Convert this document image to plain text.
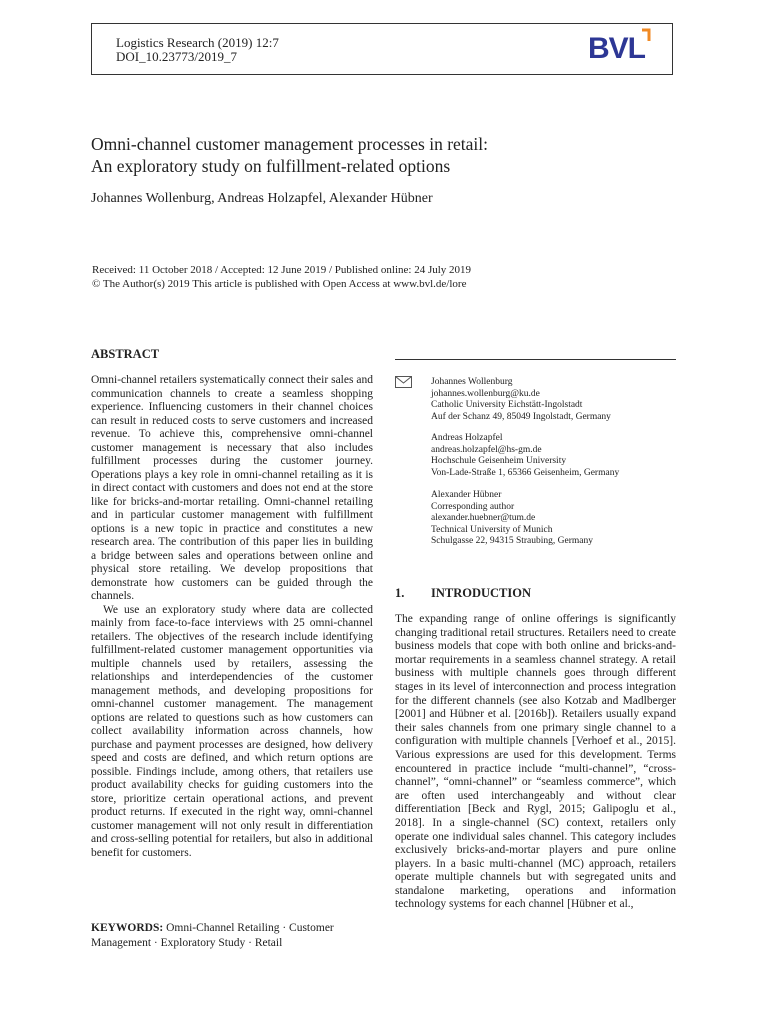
Logistics Research (2019) 12:7
DOI_10.23773/2019_7	BVL
Omni-channel customer management processes in retail:
An exploratory study on fulfillment-related options
Johannes Wollenburg, Andreas Holzapfel, Alexander Hübner
Received: 11 October 2018 / Accepted: 12 June 2019 / Published online: 24 July 2019
© The Author(s) 2019 This article is published with Open Access at www.bvl.de/lore
ABSTRACT

Omni-channel retailers systematically connect their sales and communication channels to create a seamless shopping experience. Influencing customers in their channel choices can result in reduced costs to serve customers and increased revenue. To achieve this, comprehensive omni-channel customer management is necessary that also includes fulfillment processes during the customer journey. Operations plays a key role in omni-channel retailing as it is in direct contact with customers and does not end at the store like for bricks-and-mortar retailing. Omni-channel retailing and in particular customer management with fulfillment options is a new topic in practice and constitutes a new research area. The contribution of this paper lies in building a bridge between sales and operations between online and physical store retailing. We develop propositions that demonstrate how customers can be guided through the channels.

We use an exploratory study where data are collected mainly from face-to-face interviews with 25 omni-channel retailers. The objectives of the research include identifying fulfillment-related customer management opportunities via multiple channels used by retailers, assessing the relationships and interdependencies of the customer management methods, and developing propositions for omni-channel customer management. The management options are related to questions such as how customers can collect availability information across channels, how purchase and payment processes are designed, how delivery speed and costs are defined, and which return options are possible. Findings include, among others, that retailers use product availability checks for guiding customers into the store, prioritize certain operational actions, and prevent product returns. If executed in the right way, omni-channel customer management will not only result in differentiation and cross-selling potential for retailers, but also in additional benefit for customers.

KEYWORDS: Omni-Channel Retailing · Customer Management · Exploratory Study · Retail
Johannes Wollenburg
johannes.wollenburg@ku.de
Catholic University Eichstätt-Ingolstadt
Auf der Schanz 49, 85049 Ingolstadt, Germany
Andreas Holzapfel
andreas.holzapfel@hs-gm.de
Hochschule Geisenheim University
Von-Lade-Straße 1, 65366 Geisenheim, Germany
Alexander Hübner
Corresponding author
alexander.huebner@tum.de
Technical University of Munich
Schulgasse 22, 94315 Straubing, Germany
1. INTRODUCTION

The expanding range of online offerings is significantly changing traditional retail structures. Retailers need to create business models that cope with both online and bricks-and-mortar requirements in a seamless channel strategy. A retail business with multiple channels goes through different stages in its level of interconnection and process integration for the different channels (see also Kotzab and Madlberger [2001] and Hübner et al. [2016b]). Retailers usually expand their sales channels from one primary single channel to a configuration with multiple channels [Verhoef et al., 2015]. Various expressions are used for this development. Terms encountered in practice include “multi-channel”, “cross-channel”, “omni-channel” or “seamless commerce”, which are often used interchangeably and without clear differentiation [Beck and Rygl, 2015; Galipoglu et al., 2018]. In a single-channel (SC) context, retailers only operate one individual sales channel. This category includes exclusively bricks-and-mortar players and pure online players. In a basic multi-channel (MC) approach, retailers operate multiple channels but with segregated units and standalone marketing, operations and information technology systems for each channel [Hübner et al.,
